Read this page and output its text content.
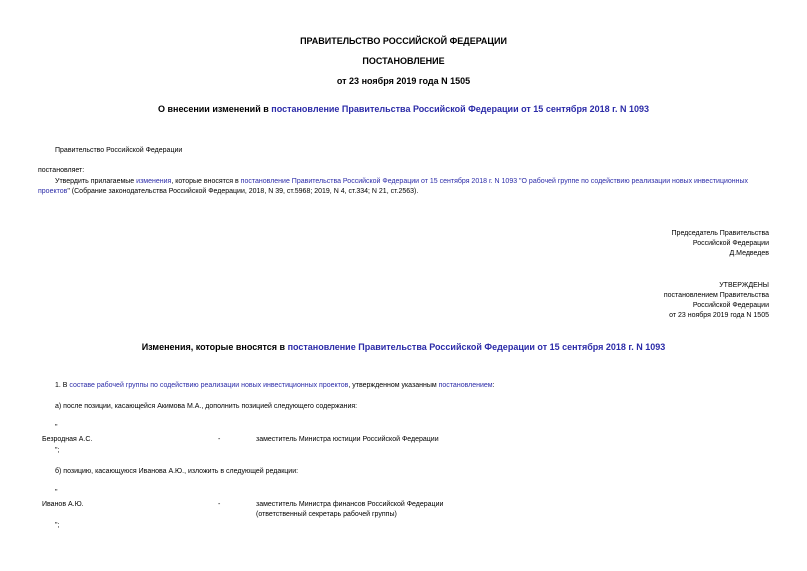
ПРАВИТЕЛЬСТВО РОССИЙСКОЙ ФЕДЕРАЦИИ
ПОСТАНОВЛЕНИЕ
от 23 ноября 2019 года N 1505
О внесении изменений в постановление Правительства Российской Федерации от 15 сентября 2018 г. N 1093
Правительство Российской Федерации
постановляет:
Утвердить прилагаемые изменения, которые вносятся в постановление Правительства Российской Федерации от 15 сентября 2018 г. N 1093 "О рабочей группе по содействию реализации новых инвестиционных
проектов" (Собрание законодательства Российской Федерации, 2018, N 39, ст.5968; 2019, N 4, ст.334; N 21, ст.2563).
Председатель Правительства
Российской Федерации
Д.Медведев
УТВЕРЖДЕНЫ
постановлением Правительства
Российской Федерации
от 23 ноября 2019 года N 1505
Изменения, которые вносятся в постановление Правительства Российской Федерации от 15 сентября 2018 г. N 1093
1. В составе рабочей группы по содействию реализации новых инвестиционных проектов, утвержденном указанным постановлением:
а) после позиции, касающейся Акимова М.А., дополнить позицией следующего содержания:
"
Безродная А.С.	-	заместитель Министра юстиции Российской Федерации
";
б) позицию, касающуюся Иванова А.Ю., изложить в следующей редакции:
"
Иванов А.Ю.	-	заместитель Министра финансов Российской Федерации
(ответственный секретарь рабочей группы)
";
